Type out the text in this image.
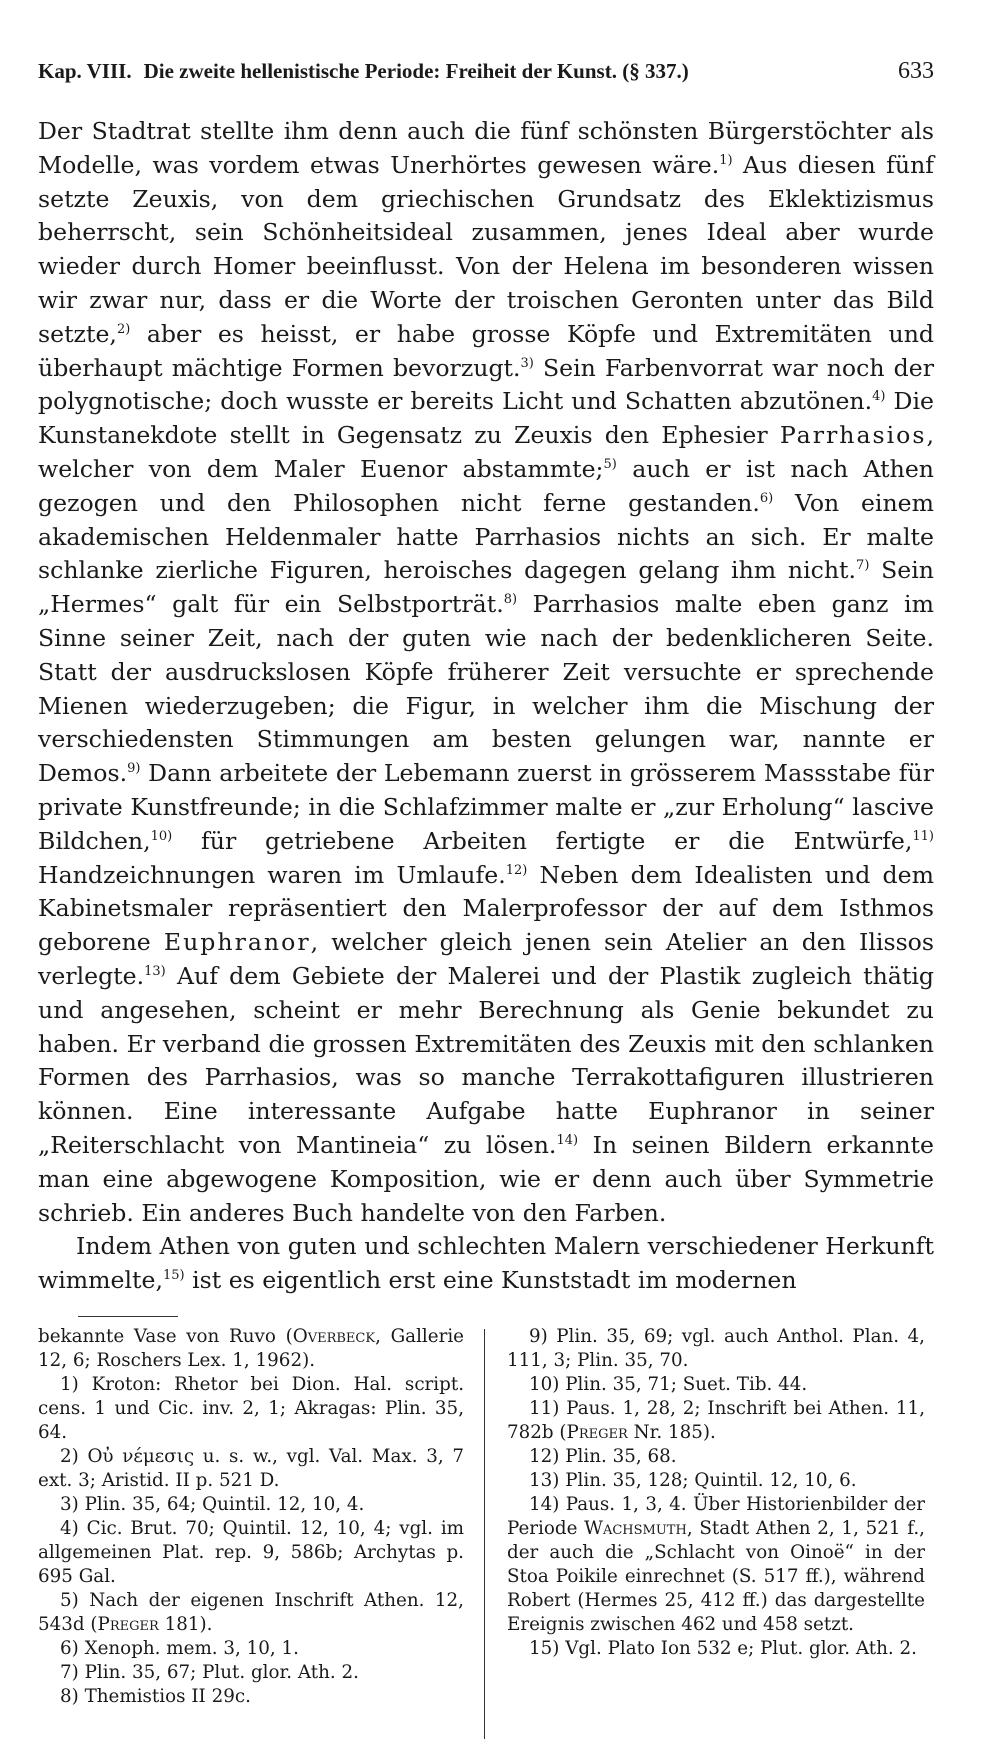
Kap. VIII. Die zweite hellenistische Periode: Freiheit der Kunst. (§ 337.)	633

Der Stadtrat stellte ihm denn auch die fünf schönsten Bürgerstöchter als Modelle, was vordem etwas Unerhörtes gewesen wäre.$^{1)}$ Aus diesen fünf setzte Zeuxis, von dem griechischen Grundsatz des Eklektizismus beherrscht, sein Schönheitsideal zusammen, jenes Ideal aber wurde wieder durch Homer beeinflusst. Von der Helena im besonderen wissen wir zwar nur, dass er die Worte der troischen Geronten unter das Bild setzte,$^{2)}$ aber es heisst, er habe grosse Köpfe und Extremitäten und überhaupt mächtige Formen bevorzugt.$^{3)}$ Sein Farbenvorrat war noch der polygnotische; doch wusste er bereits Licht und Schatten abzutönen.$^{4)}$ Die Kunstanekdote stellt in Gegensatz zu Zeuxis den Ephesier Parrhasios, welcher von dem Maler Euenor abstammte;$^{5)}$ auch er ist nach Athen gezogen und den Philosophen nicht ferne gestanden.$^{6)}$ Von einem akademischen Heldenmaler hatte Parrhasios nichts an sich. Er malte schlanke zierliche Figuren, heroisches dagegen gelang ihm nicht.$^{7)}$ Sein „Hermes“ galt für ein Selbstporträt.$^{8)}$ Parrhasios malte eben ganz im Sinne seiner Zeit, nach der guten wie nach der bedenklicheren Seite. Statt der ausdruckslosen Köpfe früherer Zeit versuchte er sprechende Mienen wiederzugeben; die Figur, in welcher ihm die Mischung der verschiedensten Stimmungen am besten gelungen war, nannte er Demos.$^{9)}$ Dann arbeitete der Lebemann zuerst in grösserem Massstabe für private Kunstfreunde; in die Schlafzimmer malte er „zur Erholung“ lascive Bildchen,$^{10)}$ für getriebene Arbeiten fertigte er die Entwürfe,$^{11)}$ Handzeichnungen waren im Umlaufe.$^{12)}$ Neben dem Idealisten und dem Kabinetsmaler repräsentiert den Malerprofessor der auf dem Isthmos geborene Euphranor, welcher gleich jenen sein Atelier an den Ilissos verlegte.$^{13)}$ Auf dem Gebiete der Malerei und der Plastik zugleich thätig und angesehen, scheint er mehr Berechnung als Genie bekundet zu haben. Er verband die grossen Extremitäten des Zeuxis mit den schlanken Formen des Parrhasios, was so manche Terrakottafiguren illustrieren können. Eine interessante Aufgabe hatte Euphranor in seiner „Reiterschlacht von Mantineia“ zu lösen.$^{14)}$ In seinen Bildern erkannte man eine abgewogene Komposition, wie er denn auch über Symmetrie schrieb. Ein anderes Buch handelte von den Farben.

Indem Athen von guten und schlechten Malern verschiedener Herkunft wimmelte,$^{15)}$ ist es eigentlich erst eine Kunststadt im modernen

bekannte Vase von Ruvo (Overbeck, Gallerie 12, 6; Roschers Lex. 1, 1962).

1) Kroton: Rhetor bei Dion. Hal. script. cens. 1 und Cic. inv. 2, 1; Akragas: Plin. 35, 64.

2) Οὐ νέμεσις u. s. w., vgl. Val. Max. 3, 7 ext. 3; Aristid. II p. 521 D.

3) Plin. 35, 64; Quintil. 12, 10, 4.

4) Cic. Brut. 70; Quintil. 12, 10, 4; vgl. im allgemeinen Plat. rep. 9, 586b; Archytas p. 695 Gal.

5) Nach der eigenen Inschrift Athen. 12, 543d (Preger 181).

6) Xenoph. mem. 3, 10, 1.

7) Plin. 35, 67; Plut. glor. Ath. 2.

8) Themistios II 29c.

9) Plin. 35, 69; vgl. auch Anthol. Plan. 4, 111, 3; Plin. 35, 70.

10) Plin. 35, 71; Suet. Tib. 44.

11) Paus. 1, 28, 2; Inschrift bei Athen. 11, 782b (Preger Nr. 185).

12) Plin. 35, 68.

13) Plin. 35, 128; Quintil. 12, 10, 6.

14) Paus. 1, 3, 4. Über Historienbilder der Periode Wachsmuth, Stadt Athen 2, 1, 521 f., der auch die „Schlacht von Oinoë“ in der Stoa Poikile einrechnet (S. 517 ff.), während Robert (Hermes 25, 412 ff.) das dargestellte Ereignis zwischen 462 und 458 setzt.

15) Vgl. Plato Ion 532 e; Plut. glor. Ath. 2.
